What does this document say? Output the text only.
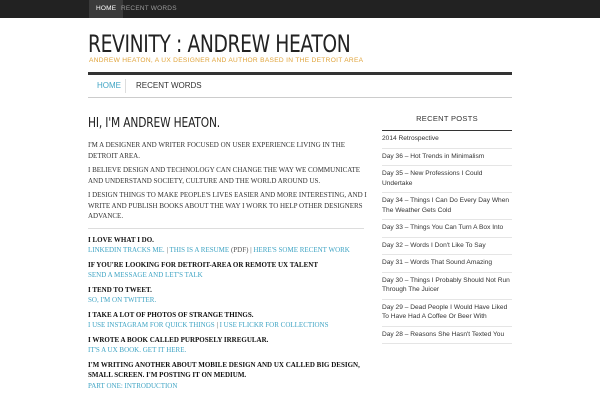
HOME RECENT WORDS
REVINITY : ANDREW HEATON
ANDREW HEATON, A UX DESIGNER AND AUTHOR BASED IN THE DETROIT AREA
HOME RECENT WORDS
HI, I'M ANDREW HEATON.

I'M A DESIGNER AND WRITER FOCUSED ON USER EXPERIENCE LIVING IN THE DETROIT AREA.

I BELIEVE DESIGN AND TECHNOLOGY CAN CHANGE THE WAY WE COMMUNICATE AND UNDERSTAND SOCIETY, CULTURE AND THE WORLD AROUND US.

I DESIGN THINGS TO MAKE PEOPLE'S LIVES EASIER AND MORE INTERESTING, AND I WRITE AND PUBLISH BOOKS ABOUT THE WAY I WORK TO HELP OTHER DESIGNERS ADVANCE.

I LOVE WHAT I DO.
LINKEDIN TRACKS ME. | THIS IS A RESUME (PDF) | HERE'S SOME RECENT WORK
IF YOU'RE LOOKING FOR DETROIT-AREA OR REMOTE UX TALENT
SEND A MESSAGE AND LET'S TALK
I TEND TO TWEET.
SO, I'M ON TWITTER.
I TAKE A LOT OF PHOTOS OF STRANGE THINGS.
I USE INSTAGRAM FOR QUICK THINGS | I USE FLICKR FOR COLLECTIONS
I WROTE A BOOK CALLED PURPOSELY IRREGULAR.
IT'S A UX BOOK. GET IT HERE.
I'M WRITING ANOTHER ABOUT MOBILE DESIGN AND UX CALLED BIG DESIGN, SMALL SCREEN. I'M POSTING IT ON MEDIUM.
PART ONE: INTRODUCTION
RECENT POSTS
2014 Retrospective
Day 36 – Hot Trends in Minimalism
Day 35 – New Professions I Could Undertake
Day 34 – Things I Can Do Every Day When The Weather Gets Cold
Day 33 – Things You Can Turn A Box Into
Day 32 – Words I Don't Like To Say
Day 31 – Words That Sound Amazing
Day 30 – Things I Probably Should Not Run Through The Juicer
Day 29 – Dead People I Would Have Liked To Have Had A Coffee Or Beer With
Day 28 – Reasons She Hasn't Texted You
